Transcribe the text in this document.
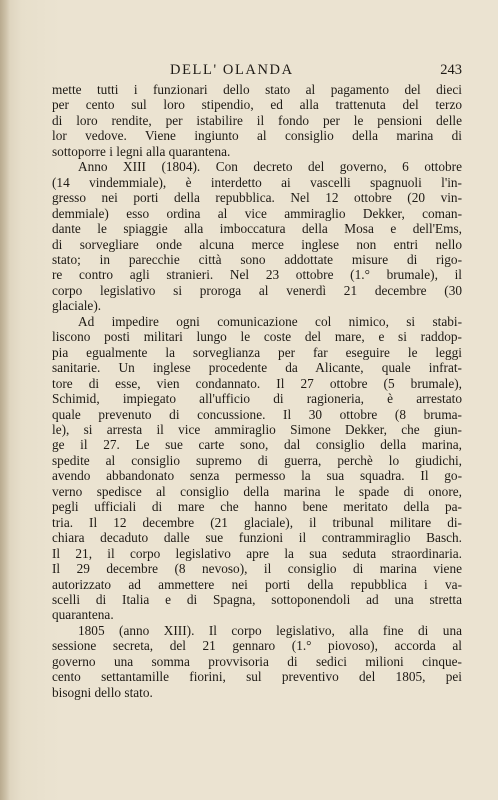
DELL' OLANDA	243
mette tutti i funzionari dello stato al pagamento del dieci
per cento sul loro stipendio, ed alla trattenuta del terzo
di loro rendite, per istabilire il fondo per le pensioni delle
lor vedove. Viene ingiunto al consiglio della marina di
sottoporre i legni alla quarantena.
Anno XIII (1804). Con decreto del governo, 6 ottobre
(14 vindemmiale), è interdetto ai vascelli spagnuoli l'in-
gresso nei porti della repubblica. Nel 12 ottobre (20 vin-
demmiale) esso ordina al vice ammiraglio Dekker, coman-
dante le spiaggie alla imboccatura della Mosa e dell'Ems,
di sorvegliare onde alcuna merce inglese non entri nello
stato; in parecchie città sono addottate misure di rigo-
re contro agli stranieri. Nel 23 ottobre (1.° brumale), il
corpo legislativo si proroga al venerdì 21 decembre (30
glaciale).
Ad impedire ogni comunicazione col nimico, si stabi-
liscono posti militari lungo le coste del mare, e si raddop-
pia egualmente la sorveglianza per far eseguire le leggi
sanitarie. Un inglese procedente da Alicante, quale infrat-
tore di esse, vien condannato. Il 27 ottobre (5 brumale),
Schimid, impiegato all'ufficio di ragioneria, è arrestato
quale prevenuto di concussione. Il 30 ottobre (8 bruma-
le), si arresta il vice ammiraglio Simone Dekker, che giun-
ge il 27. Le sue carte sono, dal consiglio della marina,
spedite al consiglio supremo di guerra, perchè lo giudichi,
avendo abbandonato senza permesso la sua squadra. Il go-
verno spedisce al consiglio della marina le spade di onore,
pegli ufficiali di mare che hanno bene meritato della pa-
tria. Il 12 decembre (21 glaciale), il tribunal militare di-
chiara decaduto dalle sue funzioni il contrammiraglio Basch.
Il 21, il corpo legislativo apre la sua seduta straordinaria.
Il 29 decembre (8 nevoso), il consiglio di marina viene
autorizzato ad ammettere nei porti della repubblica i va-
scelli di Italia e di Spagna, sottoponendoli ad una stretta
quarantena.
1805 (anno XIII). Il corpo legislativo, alla fine di una
sessione secreta, del 21 gennaro (1.° piovoso), accorda al
governo una somma provvisoria di sedici milioni cinque-
cento settantamille fiorini, sul preventivo del 1805, pei
bisogni dello stato.
